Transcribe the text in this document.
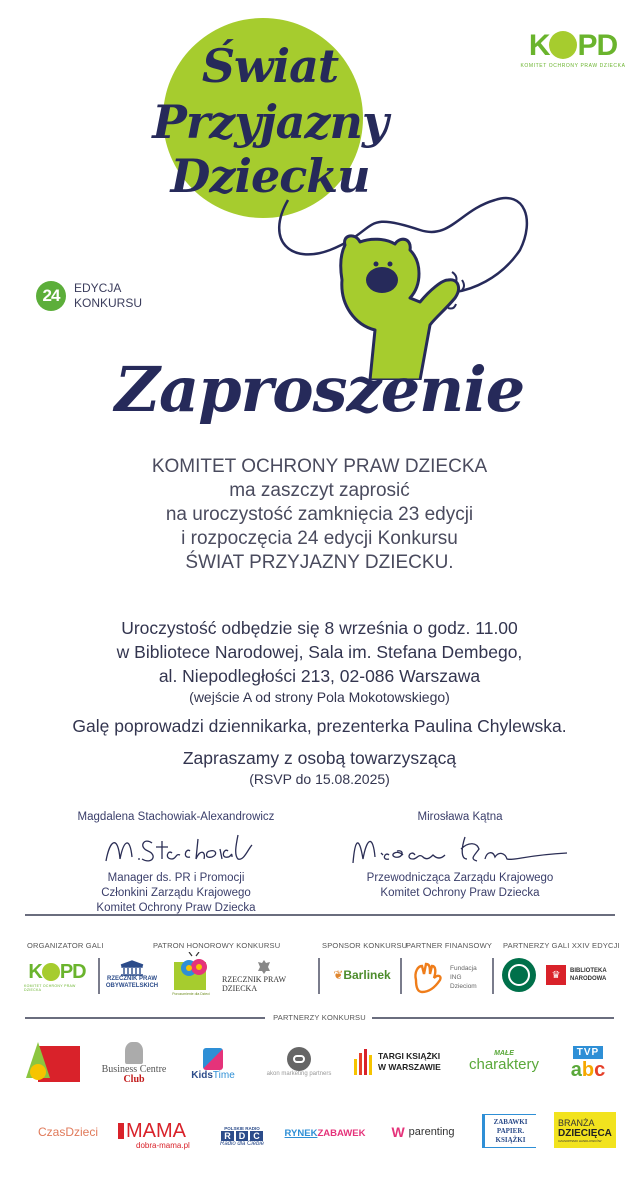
Świat
Przyjazny
Dziecku
K PD
KOMITET OCHRONY PRAW DZIECKA
24	EDYCJA
KONKURSU
Zaproszenie
KOMITET OCHRONY PRAW DZIECKA
ma zaszczyt zaprosić
na uroczystość zamknięcia 23 edycji
i rozpoczęcia 24 edycji Konkursu
ŚWIAT PRZYJAZNY DZIECKU.
Uroczystość odbędzie się 8 września o godz. 11.00
w Bibliotece Narodowej, Sala im. Stefana Dembego,
al. Niepodległości 213, 02-086 Warszawa
(wejście A od strony Pola Mokotowskiego)
Galę poprowadzi dziennikarka, prezenterka Paulina Chylewska.
Zapraszamy z osobą towarzyszącą
(RSVP do 15.08.2025)
Magdalena Stachowiak-Alexandrowicz
Manager ds. PR i Promocji
Członkini Zarządu Krajowego
Komitet Ochrony Praw Dziecka
Mirosława Kątna
Przewodnicząca Zarządu Krajowego
Komitet Ochrony Praw Dziecka
ORGANIZATOR GALI	PATRON HONOROWY KONKURSU	SPONSOR KONKURSU
PARTNER FINANSOWY PARTNERZY GALI XXIV EDYCJI
K PD
KOMITET OCHRONY PRAW DZIECKA
RZECZNIK PRAW
OBYWATELSKICH
Porozumienie dla Dzieci
RZECZNIK PRAW DZIECKA
❦ Barlinek	Fundacja
ING
Dzieciom
♛	BIBLIOTEKA
NARODOWA
PARTNERZY KONKURSU
Business Centre
Club	KidsTime	akon marketing partners
TARGI KSIĄŻKI
W WARSZAWIE
MAŁE
charaktery
TVP
abc
CzasDzieci MAMA
dobra-mama.pl
POLSKIE RADIO
R D C
Radio dla Ciebie
RYNEK ZABAWEK W parenting
ZABAWKI
PAPIER.
KSIĄŻKI
BRANŻA
DZIECIĘCA
CZASOPISMO HANDLOWCÓW
